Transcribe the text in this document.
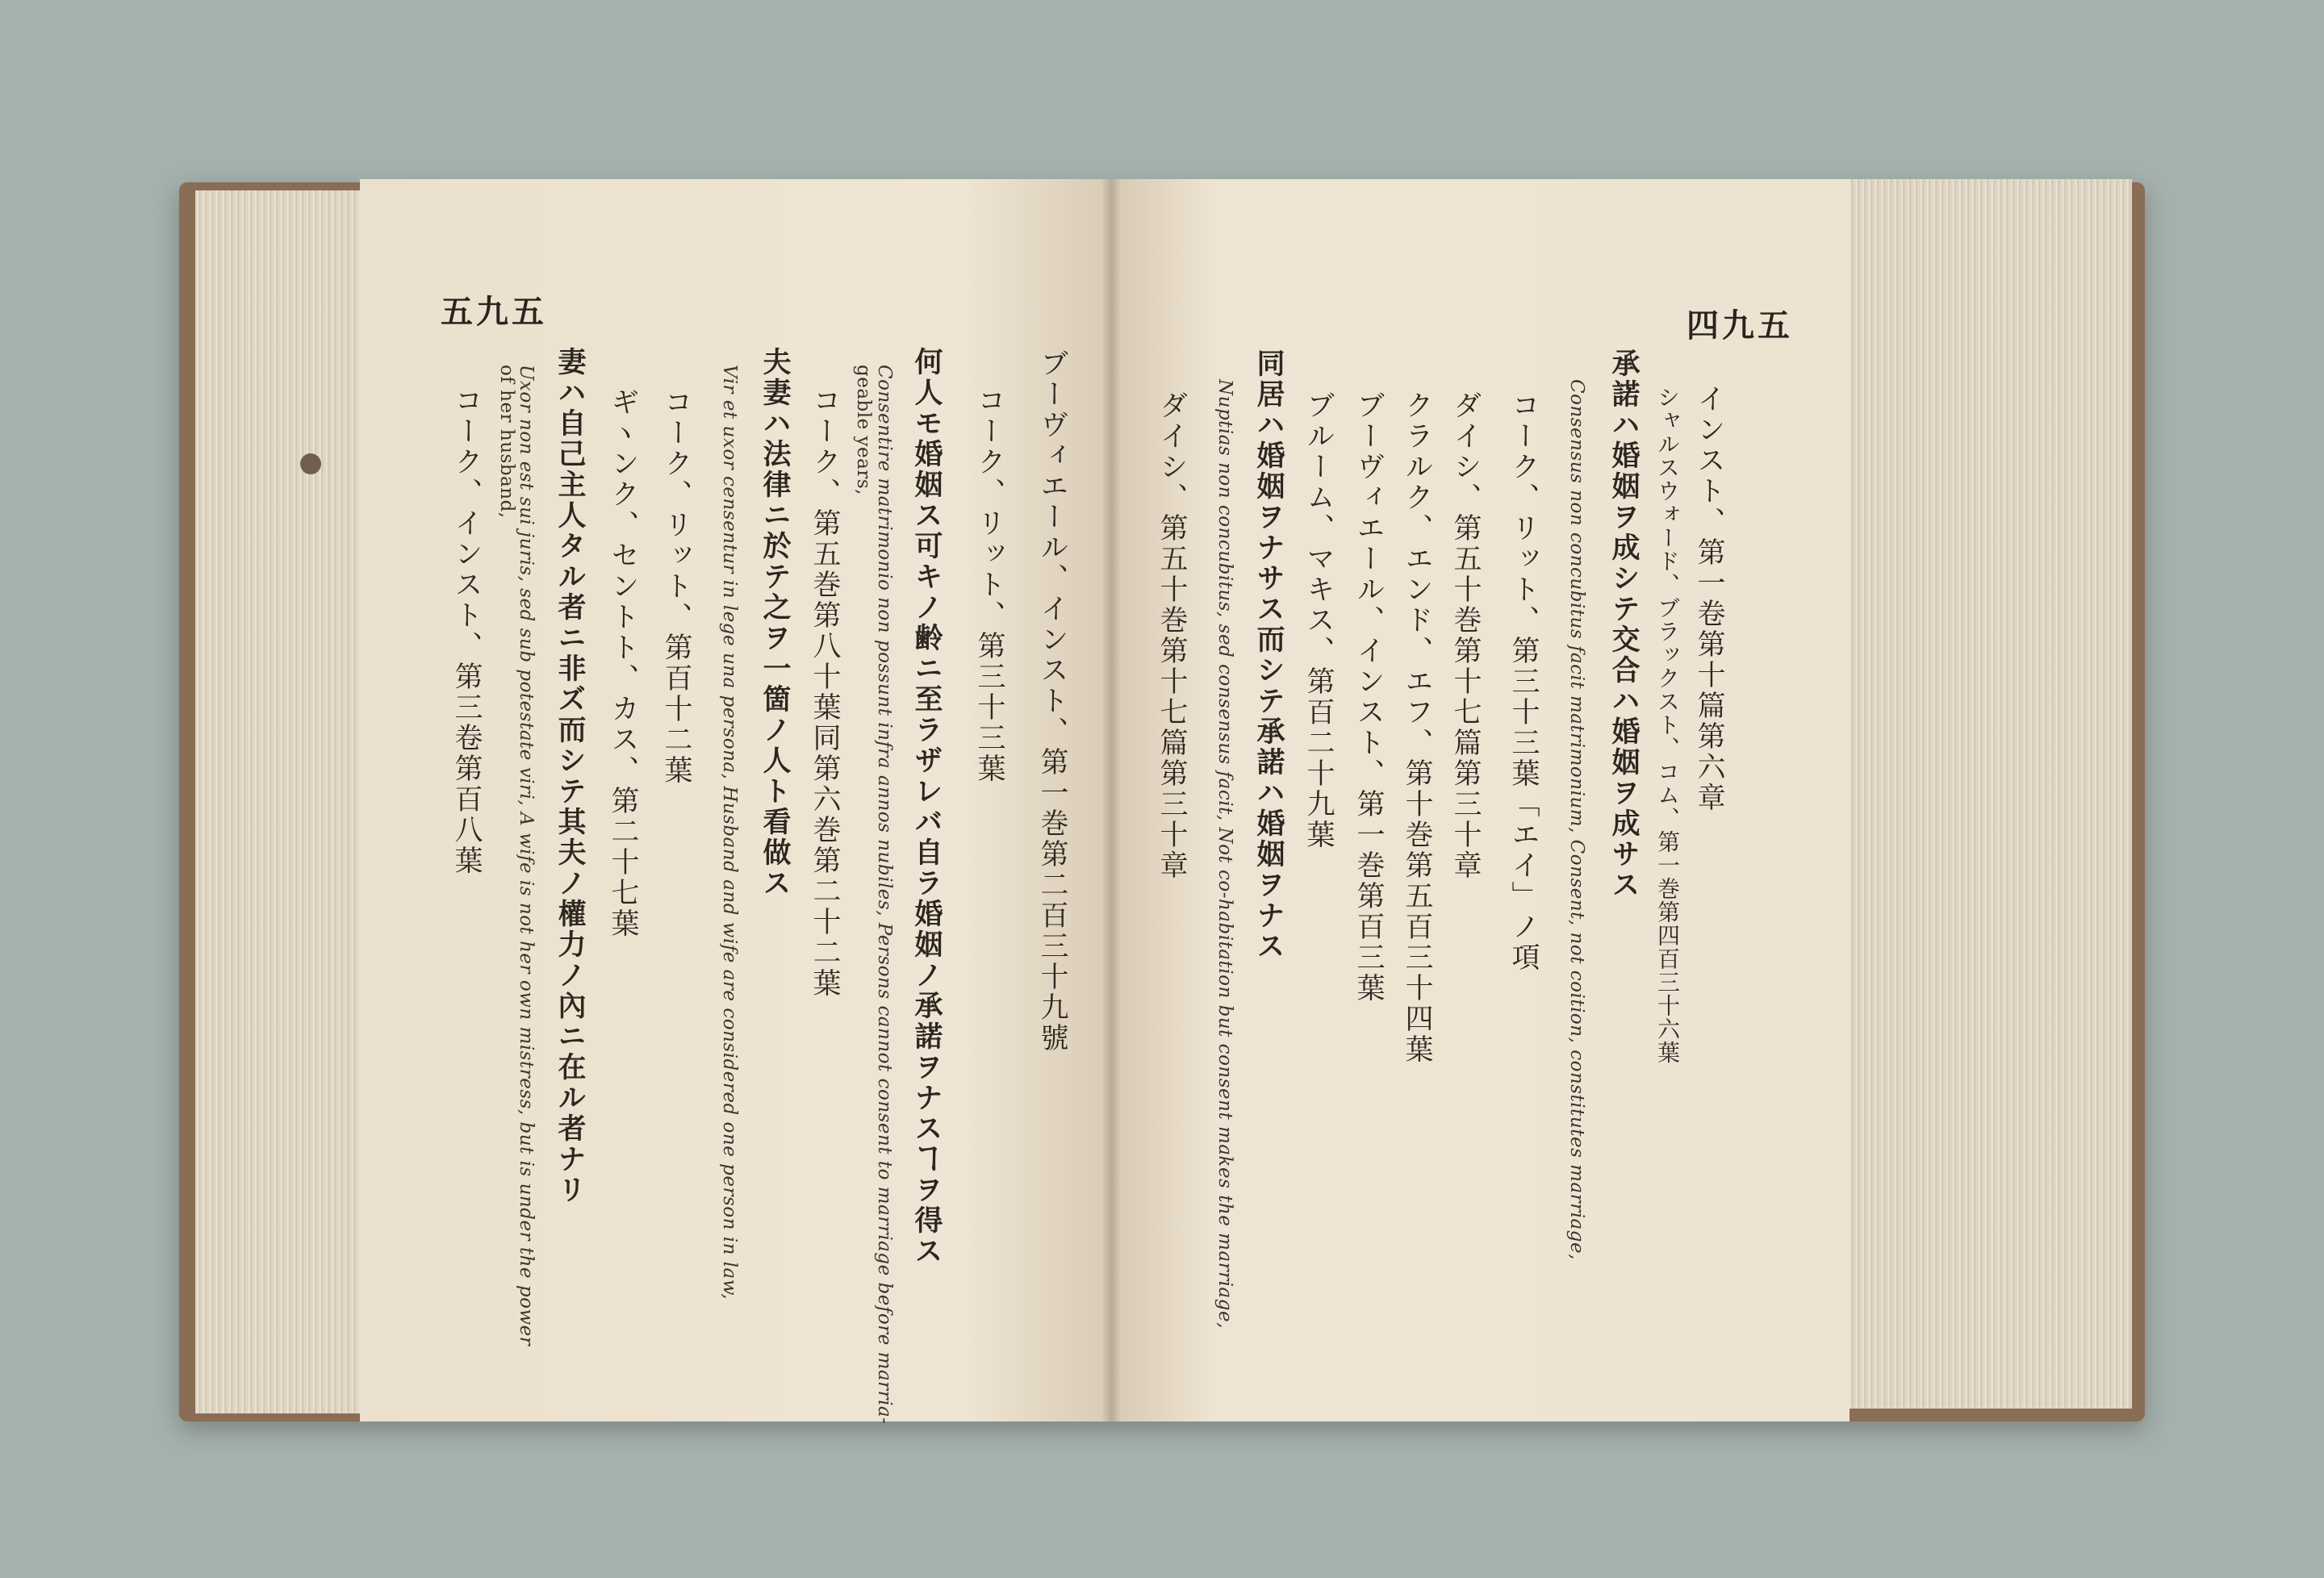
五九五
ブーヴィエール、インスト、第一巻第二百三十九號
コーク、リット、第三十三葉
何人モ婚姻ス可キノ齢ニ至ラザレバ自ラ婚姻ノ承諾ヲナスヿヲ得ス
Consentire matrimonio non possunt infra annos nubiles, Persons cannot consent to marriage before marria-
geable years,
コーク、第五巻第八十葉同第六巻第二十二葉
夫妻ハ法律ニ於テ之ヲ一箇ノ人ト看做ス
Vir et uxor censentur in lege una persona, Husband and wife are considered one person in law,
コーク、リット、第百十二葉
ギヽンク、セントト、カス、第二十七葉
妻ハ自己主人タル者ニ非ズ而シテ其夫ノ權力ノ內ニ在ル者ナリ
Uxor non est sui juris, sed sub potestate viri, A wife is not her own mistress, but is under the power
of her husband,
コーク、インスト、第三卷第百八葉
四九五
インスト、第一卷第十篇第六章
シャルスウォード、ブラックスト、コム、第一巻第四百三十六葉
承諾ハ婚姻ヲ成シテ交合ハ婚姻ヲ成サス
Consensus non concubitus facit matrimonium, Consent, not coition, constitutes marriage,
コーク、リット、第三十三葉「エイ」ノ項
ダイシ、第五十巻第十七篇第三十章
クラルク、エンド、エフ、第十巻第五百三十四葉
ブーヴィエール、インスト、第一巻第百三葉
ブルーム、マキス、第百二十九葉
同居ハ婚姻ヲナサス而シテ承諾ハ婚姻ヲナス
Nuptias non concubitus, sed consensus facit, Not co-habitation but consent makes the marriage,
ダイシ、第五十巻第十七篇第三十章
